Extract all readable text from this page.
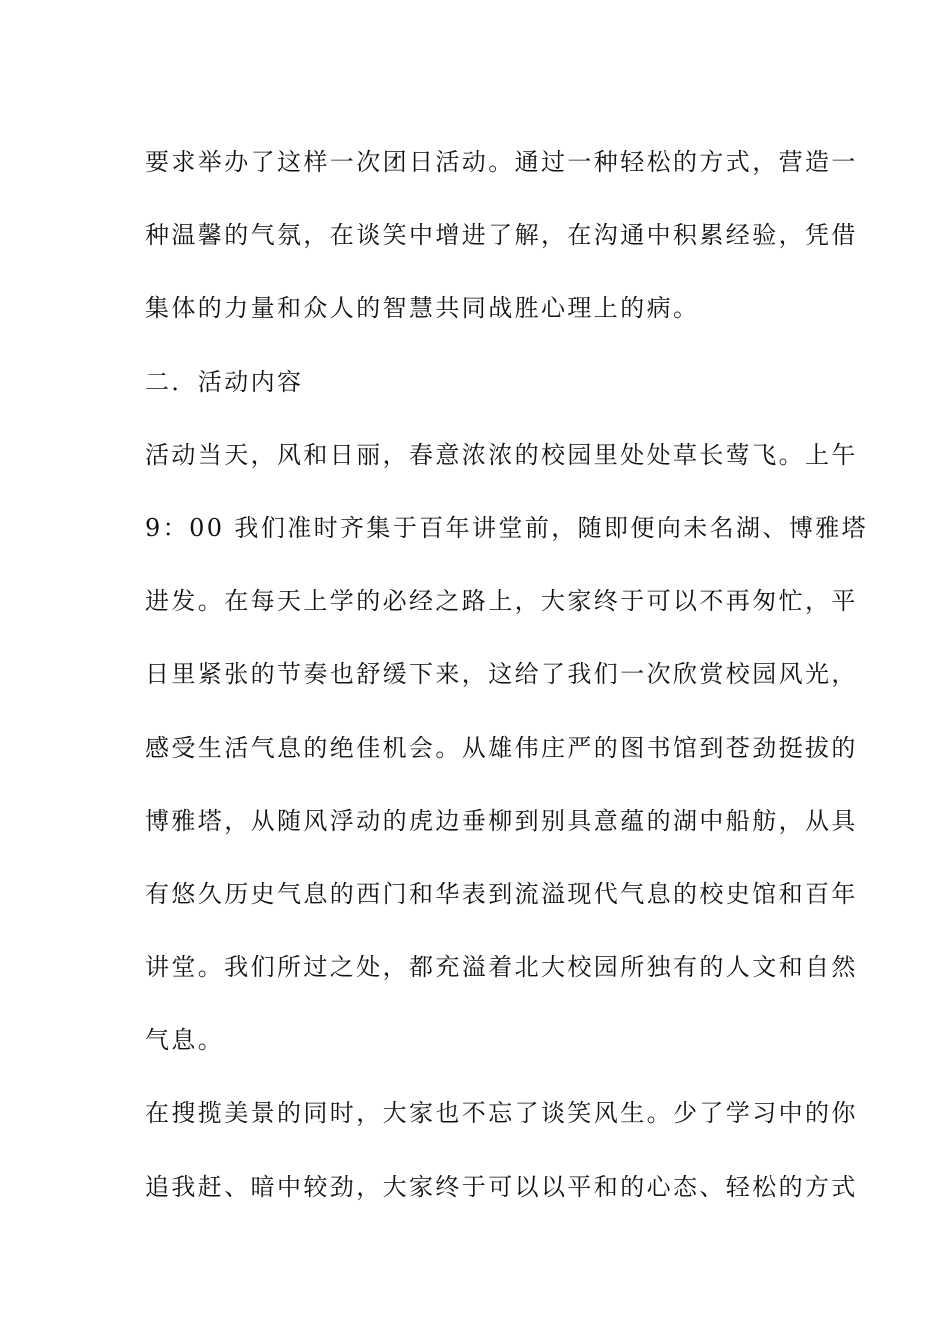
要求举办了这样一次团日活动。通过一种轻松的方式，营造一
种温馨的气氛，在谈笑中增进了解，在沟通中积累经验，凭借
集体的力量和众人的智慧共同战胜心理上的病。

二．活动内容

活动当天，风和日丽，春意浓浓的校园里处处草长莺飞。上午
9：00 我们准时齐集于百年讲堂前，随即便向未名湖、博雅塔
进发。在每天上学的必经之路上，大家终于可以不再匆忙，平
日里紧张的节奏也舒缓下来，这给了我们一次欣赏校园风光，
感受生活气息的绝佳机会。从雄伟庄严的图书馆到苍劲挺拔的
博雅塔，从随风浮动的虎边垂柳到别具意蕴的湖中船舫，从具
有悠久历史气息的西门和华表到流溢现代气息的校史馆和百年
讲堂。我们所过之处，都充溢着北大校园所独有的人文和自然
气息。

在搜揽美景的同时，大家也不忘了谈笑风生。少了学习中的你
追我赶、暗中较劲，大家终于可以以平和的心态、轻松的方式
